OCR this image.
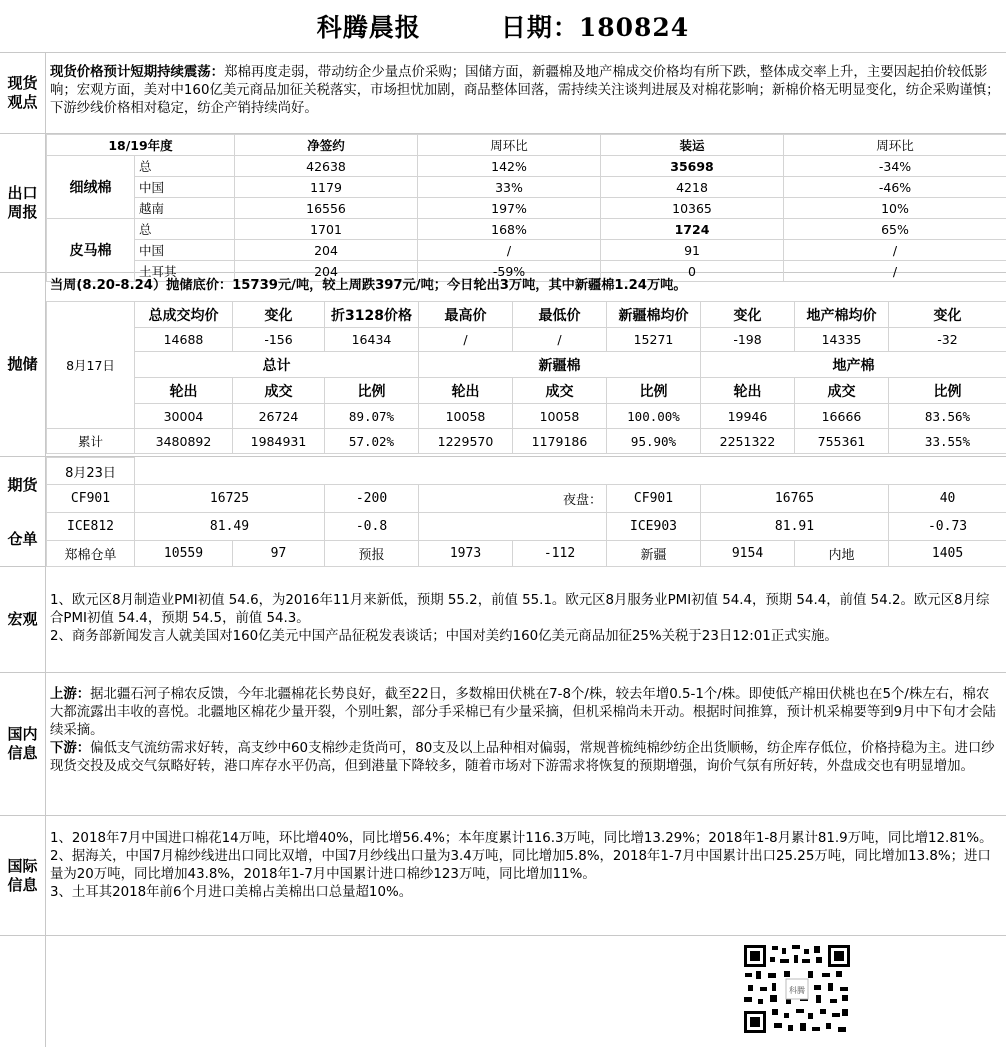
科腾晨报	日期：180824
现货观点
出口周报
抛储
期货
仓单
宏观
国内信息
国际信息
现货价格预计短期持续震荡：郑棉再度走弱，带动纺企少量点价采购；国储方面，新疆棉及地产棉成交价格均有所下跌，整体成交率上升，主要因起拍价较低影响；宏观方面，美对中160亿美元商品加征关税落实，市场担忧加剧，商品整体回落，需持续关注谈判进展及对棉花影响；新棉价格无明显变化，纺企采购谨慎；下游纱线价格相对稳定，纺企产销持续尚好。
18/19年度		净签约	周环比	装运	周环比
细绒棉	总	42638	142%	35698	-34%
	中国	1179	33%	4218	-46%
	越南	16556	197%	10365	10%
皮马棉	总	1701	168%	1724	65%
	中国	204	/	91	/
	土耳其	204	-59%	0	/
当周(8.20-8.24）抛储底价：15739元/吨，较上周跌397元/吨；今日轮出3万吨，其中新疆棉1.24万吨。
8月17日	总成交均价	变化	折3128价格	最高价	最低价	新疆棉均价	变化	地产棉均价	变化
	14688	-156	16434	/	/	15271	-198	14335	-32
	总计			新疆棉			地产棉		
	轮出	成交	比例	轮出	成交	比例	轮出	成交	比例
	30004	26724	89.07%	10058	10058	100.00%	19946	16666	83.56%
累计	3480892	1984931	57.02%	1229570	1179186	95.90%	2251322	755361	33.55%
8月23日									
CF901	16725		-200	夜盘：		CF901	16765		40
ICE812	81.49		-0.8			ICE903	81.91		-0.73
郑棉仓单	10559	97	预报	1973	-112	新疆	9154	内地	1405
1、欧元区8月制造业PMI初值 54.6，为2016年11月来新低，预期 55.2，前值 55.1。欧元区8月服务业PMI初值 54.4，预期 54.4，前值 54.2。欧元区8月综合PMI初值 54.4，预期 54.5，前值 54.3。
2、商务部新闻发言人就美国对160亿美元中国产品征税发表谈话；中国对美约160亿美元商品加征25%关税于23日12:01正式实施。
上游：据北疆石河子棉农反馈，今年北疆棉花长势良好，截至22日，多数棉田伏桃在7-8个/株，较去年增0.5-1个/株。即使低产棉田伏桃也在5个/株左右，棉农大都流露出丰收的喜悦。北疆地区棉花少量开裂，个别吐絮，部分手采棉已有少量采摘，但机采棉尚未开动。根据时间推算，预计机采棉要等到9月中下旬才会陆续采摘。
下游：偏低支气流纺需求好转，高支纱中60支棉纱走货尚可，80支及以上品种相对偏弱，常规普梳纯棉纱纺企出货顺畅，纺企库存低位，价格持稳为主。进口纱现货交投及成交气氛略好转，港口库存水平仍高，但到港量下降较多，随着市场对下游需求将恢复的预期增强，询价气氛有所好转，外盘成交也有明显增加。
1、2018年7月中国进口棉花14万吨，环比增40%，同比增56.4%；本年度累计116.3万吨，同比增13.29%；2018年1-8月累计81.9万吨，同比增12.81%。
2、据海关，中国7月棉纱线进出口同比双增，中国7月纱线出口量为3.4万吨，同比增加5.8%，2018年1-7月中国累计出口25.25万吨，同比增加13.8%；进口量为20万吨，同比增加43.8%，2018年1-7月中国累计进口棉纱123万吨，同比增加11%。
3、土耳其2018年前6个月进口美棉占美棉出口总量超10%。
科腾
